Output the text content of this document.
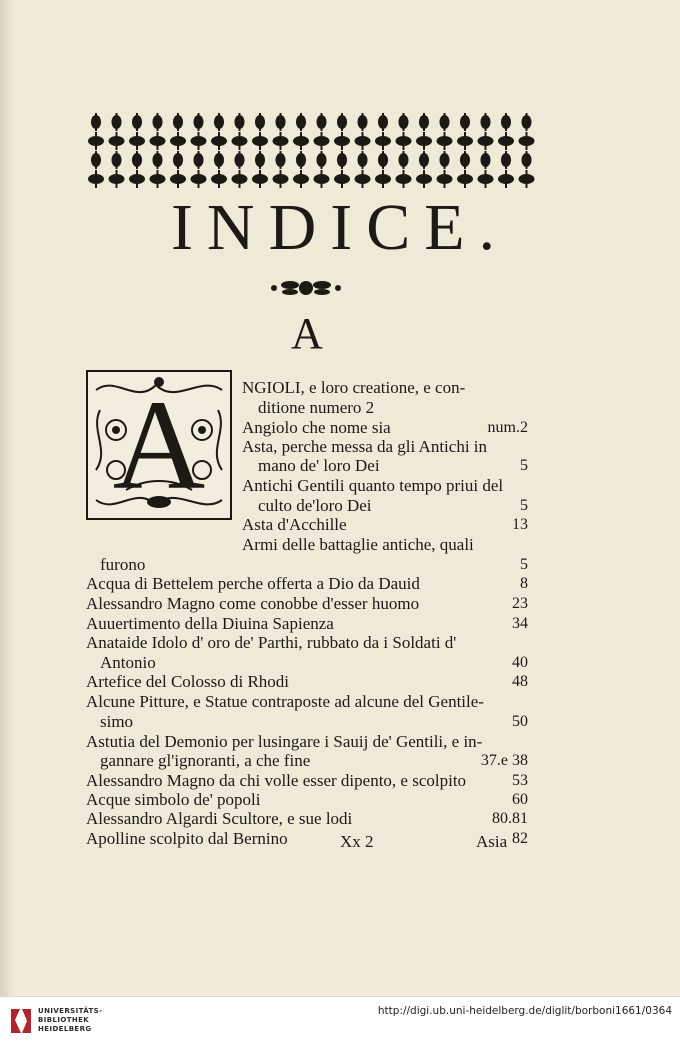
INDICE.
A
A NGIOLI, e loro creatione, e con-
ditione numero 2
Angiolo che nome sia	num.2
Asta, perche messa da gli Antichi in
mano de' loro Dei	5
Antichi Gentili quanto tempo priui del
culto de'loro Dei	5
Asta d'Acchille	13
Armi delle battaglie antiche, quali
furono	5
Acqua di Bettelem perche offerta a Dio da Dauid	8
Alessandro Magno come conobbe d'esser huomo	23
Auuertimento della Diuina Sapienza	34
Anataide Idolo d' oro de' Parthi, rubbato da i Soldati d'
Antonio	40
Artefice del Colosso di Rhodi	48
Alcune Pitture, e Statue contraposte ad alcune del Gentile-
simo	50
Astutia del Demonio per lusingare i Sauij de' Gentili, e in-
gannare gl'ignoranti, a che fine	37.e 38
Alessandro Magno da chi volle esser dipento, e scolpito	53
Acque simbolo de' popoli	60
Alessandro Algardi Scultore, e sue lodi	80.81
Apolline scolpito dal Bernino	82
Xx 2	Asia
UNIVERSITÄTS-
BIBLIOTHEK
HEIDELBERG
http://digi.ub.uni-heidelberg.de/diglit/borboni1661/0364
